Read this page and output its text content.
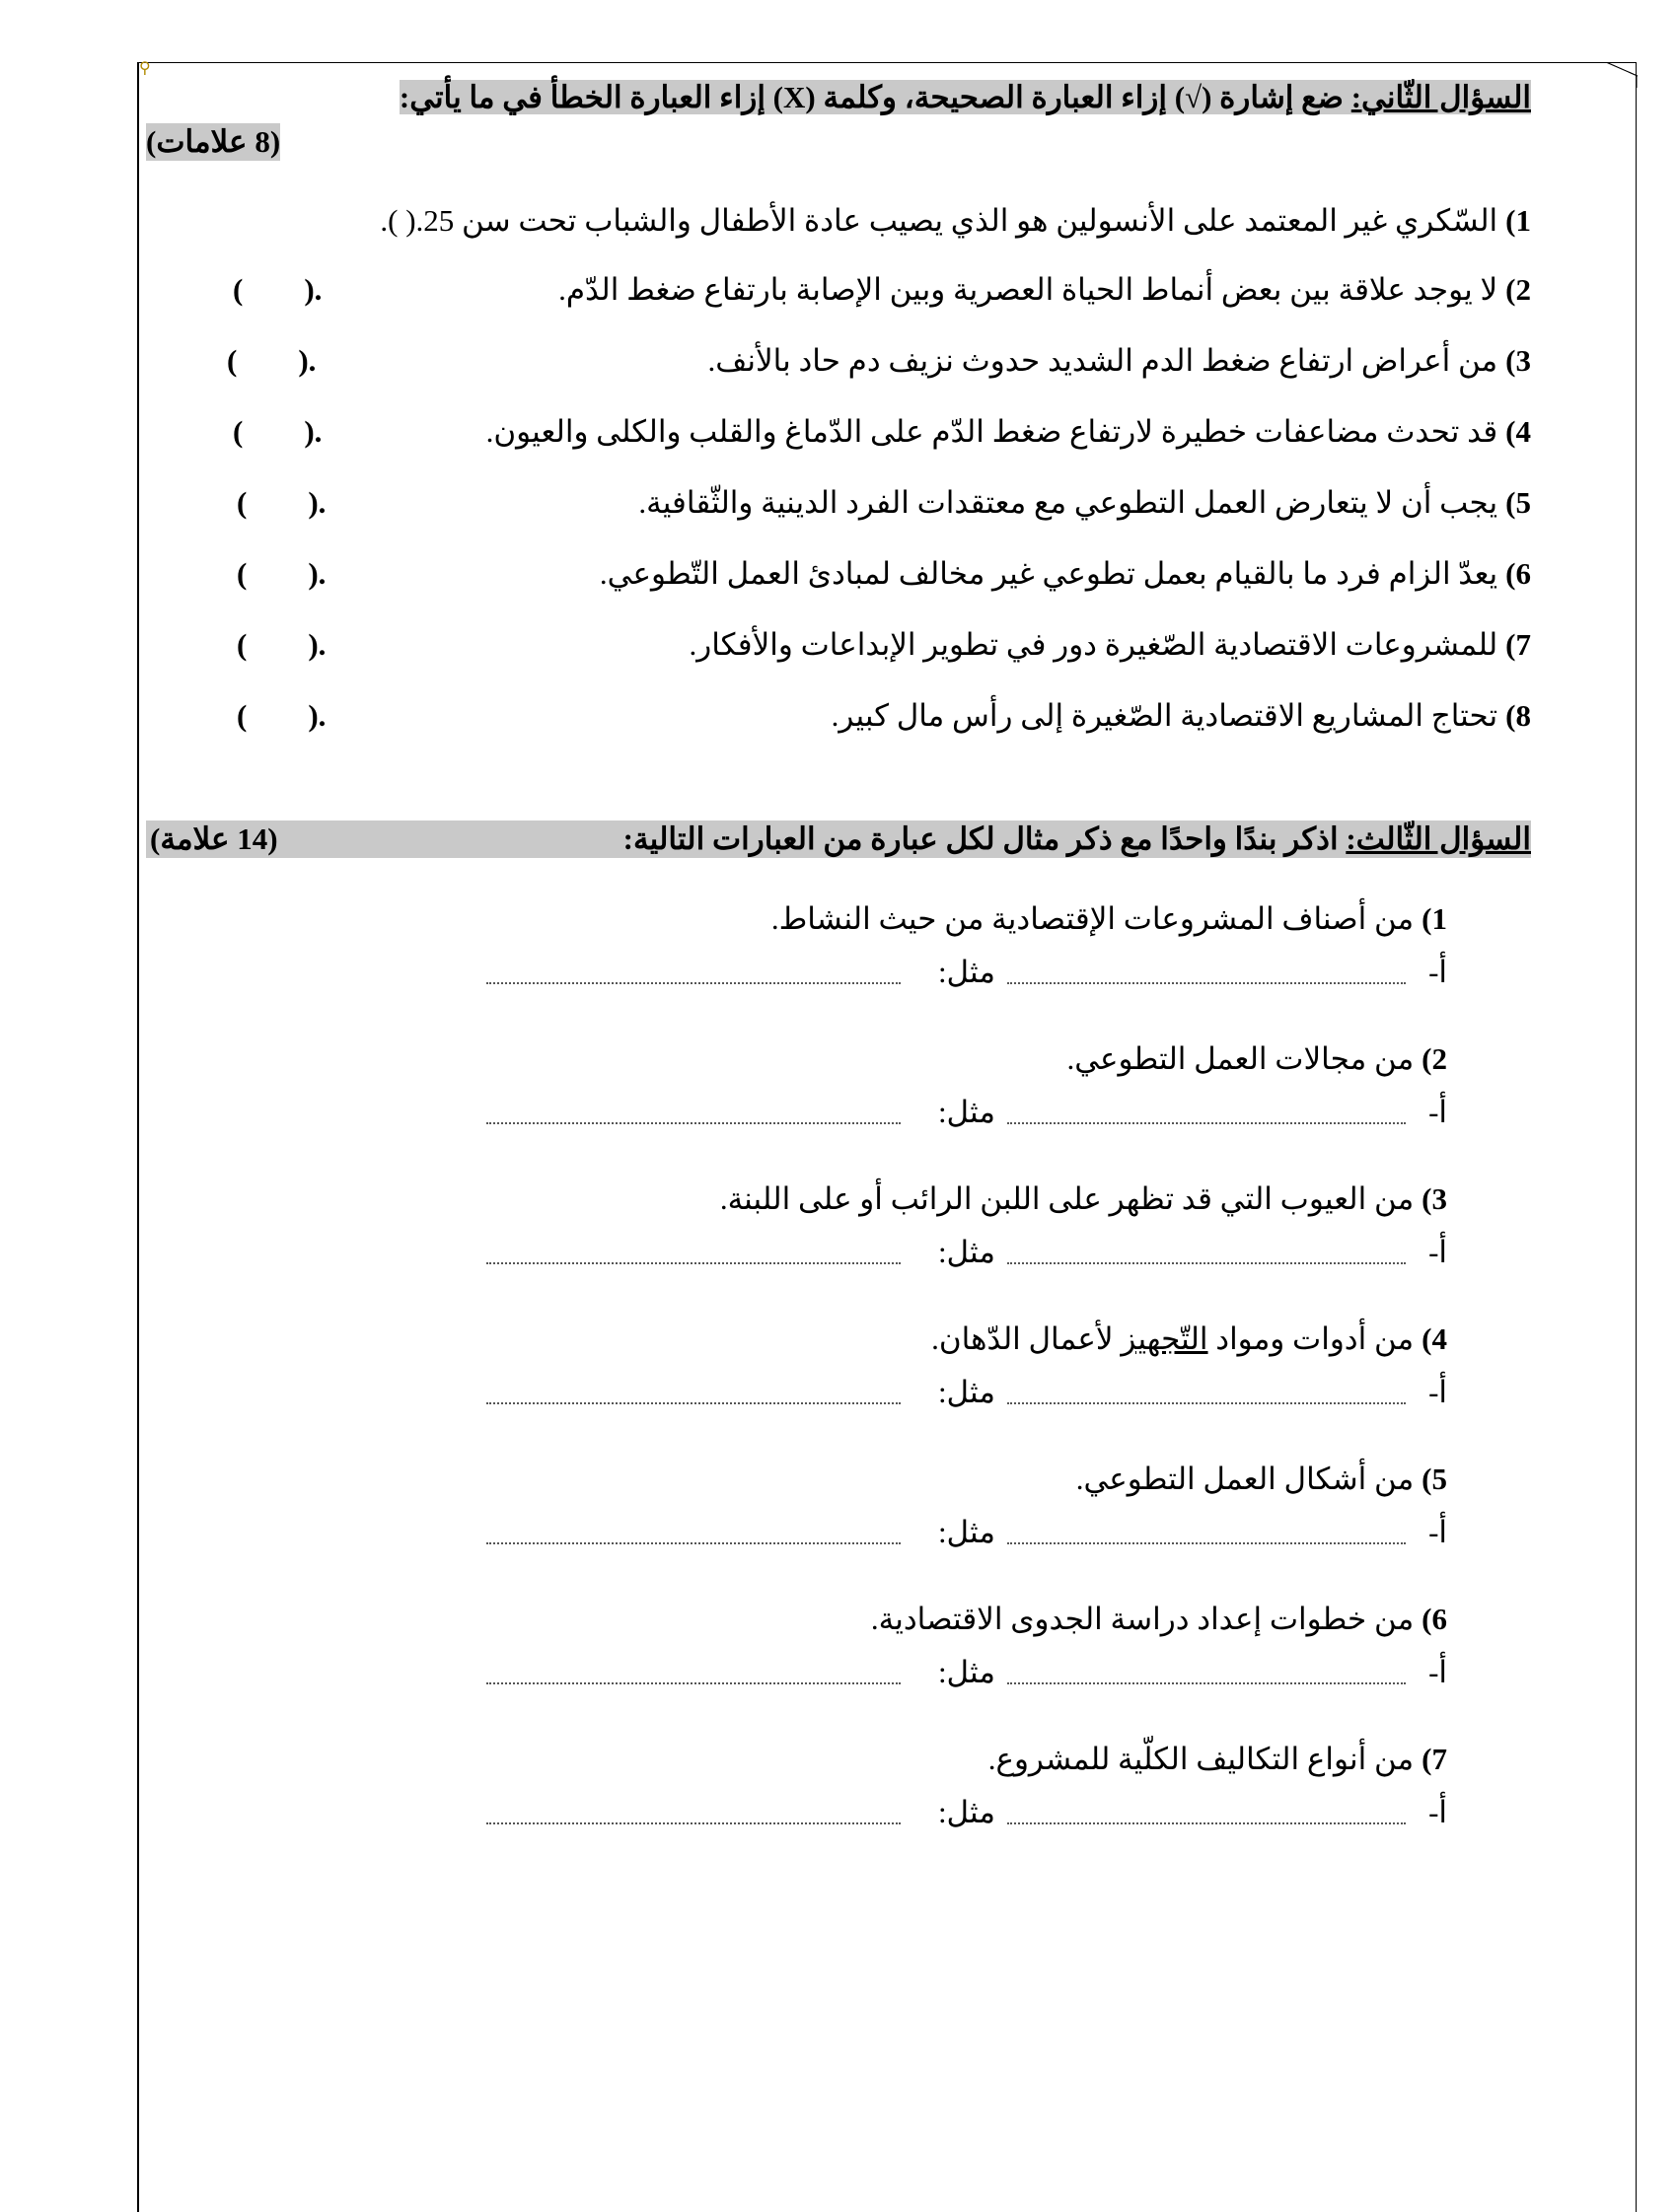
⚲
السؤال الثّاني: ضع إشارة (√) إزاء العبارة الصحيحة، وكلمة (X) إزاء العبارة الخطأ في ما يأتي:
(8 علامات)
1)السّكري غير المعتمد على الأنسولين هو الذي يصيب عادة الأطفال والشباب تحت سن 25.( ).
2)لا يوجد علاقة بين بعض أنماط الحياة العصرية وبين الإصابة بارتفاع ضغط الدّم.
(        ).
3)من أعراض ارتفاع ضغط الدم الشديد حدوث نزيف دم حاد بالأنف.
(        ).
4)قد تحدث مضاعفات خطيرة لارتفاع ضغط الدّم على الدّماغ والقلب والكلى والعيون.
(        ).
5)يجب أن لا يتعارض العمل التطوعي مع معتقدات الفرد الدينية والثّقافية.
(        ).
6)يعدّ الزام فرد ما بالقيام بعمل تطوعي غير مخالف لمبادئ العمل التّطوعي.
(        ).
7)للمشروعات الاقتصادية الصّغيرة دور في تطوير الإبداعات والأفكار.
(        ).
8)تحتاج المشاريع الاقتصادية الصّغيرة إلى رأس مال كبير.
(        ).
السؤال الثّالث: اذكر بندًا واحدًا مع ذكر مثال لكل عبارة من العبارات التالية:
(14 علامة)
1)من أصناف المشروعات الإقتصادية من حيث النشاط.
أ-
مثل:
2)من مجالات العمل التطوعي.
أ-
مثل:
3)من العيوب التي قد تظهر على اللبن الرائب أو على اللبنة.
أ-
مثل:
4)من أدوات ومواد التّجهيز لأعمال الدّهان.
أ-
مثل:
5)من أشكال العمل التطوعي.
أ-
مثل:
6)من خطوات إعداد دراسة الجدوى الاقتصادية.
أ-
مثل:
7)من أنواع التكاليف الكلّية للمشروع.
أ-
مثل:
